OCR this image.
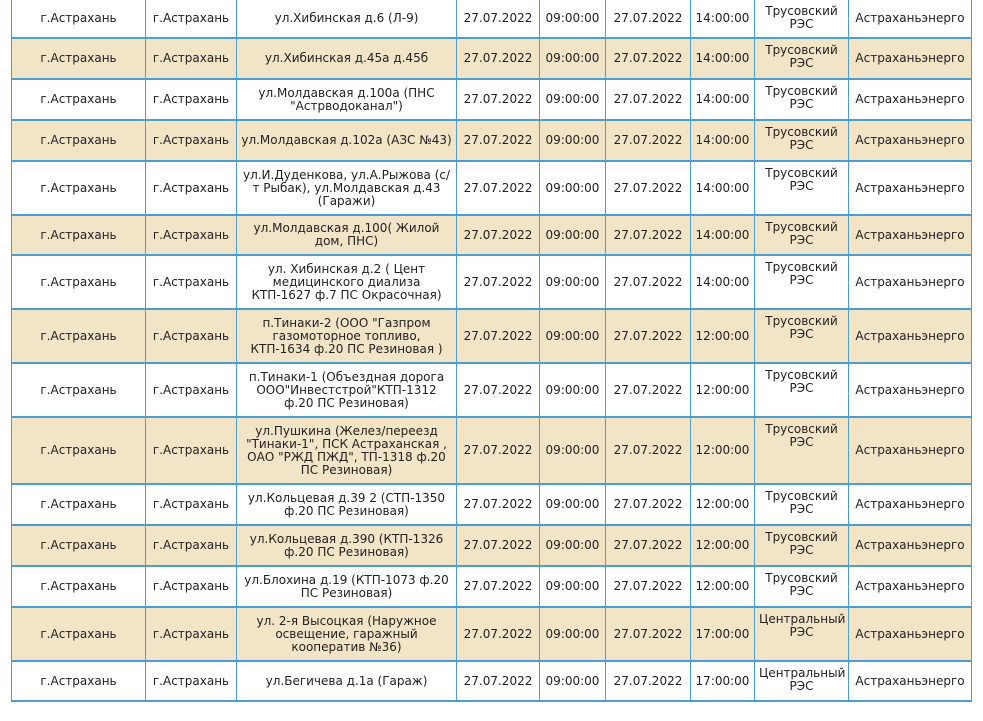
г.Астрахань	г.Астрахань	ул.Хибинская д.6 (Л-9)	27.07.2022	09:00:00	27.07.2022	14:00:00	Трусовский РЭС	Астраханьэнерго
г.Астрахань	г.Астрахань	ул.Хибинская д.45а д.45б	27.07.2022	09:00:00	27.07.2022	14:00:00	Трусовский РЭС	Астраханьэнерго
г.Астрахань	г.Астрахань	ул.Молдавская д.100а (ПНС "Астрводоканал")	27.07.2022	09:00:00	27.07.2022	14:00:00	Трусовский РЭС	Астраханьэнерго
г.Астрахань	г.Астрахань	ул.Молдавская д.102а (АЗС №43)	27.07.2022	09:00:00	27.07.2022	14:00:00	Трусовский РЭС	Астраханьэнерго
г.Астрахань	г.Астрахань	ул.И.Дуденкова, ул.А.Рыжова (с/т Рыбак), ул.Молдавская д.43 (Гаражи)	27.07.2022	09:00:00	27.07.2022	14:00:00	Трусовский РЭС	Астраханьэнерго
г.Астрахань	г.Астрахань	ул.Молдавская д.100( Жилой дом, ПНС)	27.07.2022	09:00:00	27.07.2022	14:00:00	Трусовский РЭС	Астраханьэнерго
г.Астрахань	г.Астрахань	ул. Хибинская д.2 ( Цент медицинского диализа КТП-1627 ф.7 ПС Окрасочная)	27.07.2022	09:00:00	27.07.2022	14:00:00	Трусовский РЭС	Астраханьэнерго
г.Астрахань	г.Астрахань	п.Тинаки-2 (ООО "Газпром газомоторное топливо, КТП-1634 ф.20 ПС Резиновая )	27.07.2022	09:00:00	27.07.2022	12:00:00	Трусовский РЭС	Астраханьэнерго
г.Астрахань	г.Астрахань	п.Тинаки-1 (Объездная дорога ООО"Инвестстрой"КТП-1312 ф.20 ПС Резиновая)	27.07.2022	09:00:00	27.07.2022	12:00:00	Трусовский РЭС	Астраханьэнерго
г.Астрахань	г.Астрахань	ул.Пушкина (Желез/переезд "Тинаки-1", ПСК Астраханская , ОАО "РЖД ПЖД", ТП-1318 ф.20 ПС Резиновая)	27.07.2022	09:00:00	27.07.2022	12:00:00	Трусовский РЭС	Астраханьэнерго
г.Астрахань	г.Астрахань	ул.Кольцевая д.39 2 (СТП-1350 ф.20 ПС Резиновая)	27.07.2022	09:00:00	27.07.2022	12:00:00	Трусовский РЭС	Астраханьэнерго
г.Астрахань	г.Астрахань	ул.Кольцевая д.390 (КТП-1326 ф.20 ПС Резиновая)	27.07.2022	09:00:00	27.07.2022	12:00:00	Трусовский РЭС	Астраханьэнерго
г.Астрахань	г.Астрахань	ул.Блохина д.19 (КТП-1073 ф.20 ПС Резиновая)	27.07.2022	09:00:00	27.07.2022	12:00:00	Трусовский РЭС	Астраханьэнерго
г.Астрахань	г.Астрахань	ул. 2-я Высоцкая (Наружное освещение, гаражный кооператив №36)	27.07.2022	09:00:00	27.07.2022	17:00:00	Центральный РЭС	Астраханьэнерго
г.Астрахань	г.Астрахань	ул.Бегичева д.1а (Гараж)	27.07.2022	09:00:00	27.07.2022	17:00:00	Центральный РЭС	Астраханьэнерго
